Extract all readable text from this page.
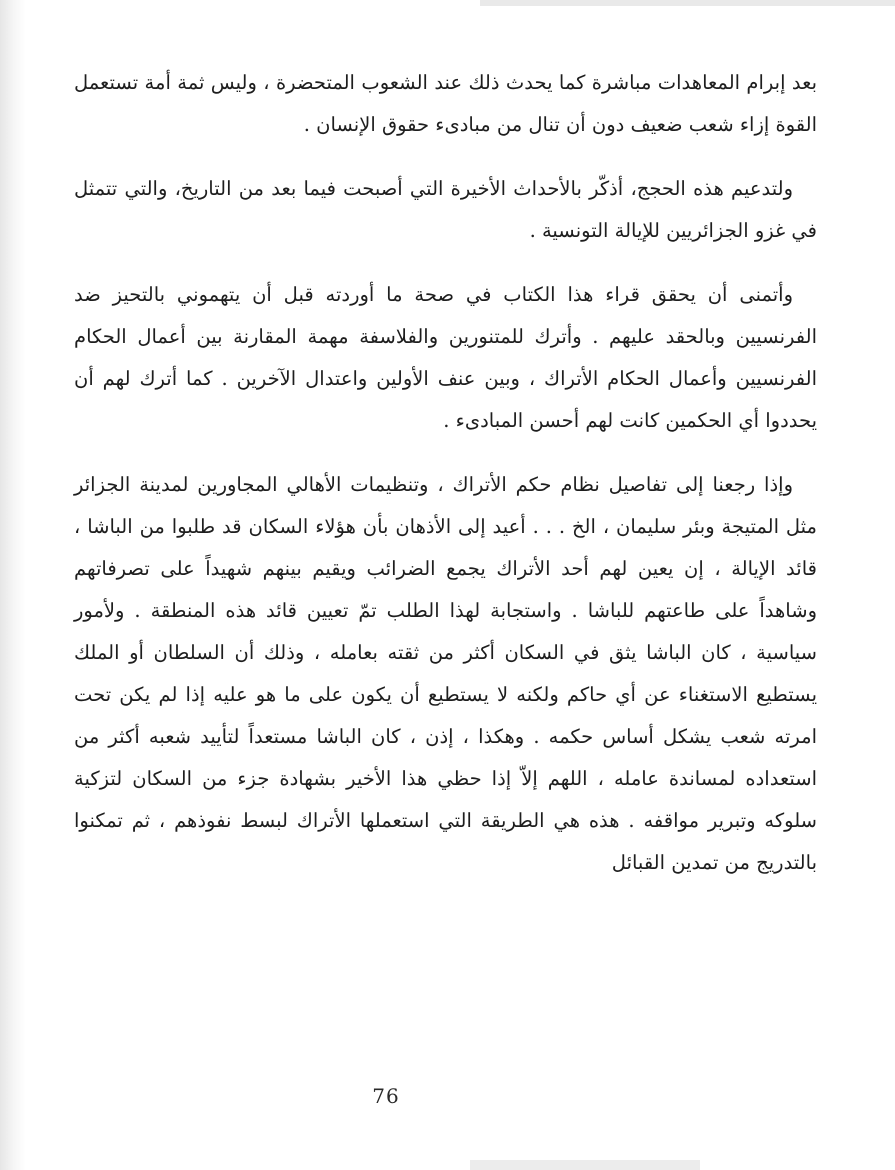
بعد إبرام المعاهدات مباشرة كما يحدث ذلك عند الشعوب المتحضرة ، وليس ثمة أمة تستعمل القوة إزاء شعب ضعيف دون أن تنال من مبادىء حقوق الإنسان .

ولتدعيم هذه الحجج، أذكّر بالأحداث الأخيرة التي أصبحت فيما بعد من التاريخ، والتي تتمثل في غزو الجزائريين للإيالة التونسية .

وأتمنى أن يحقق قراء هذا الكتاب في صحة ما أوردته قبل أن يتهموني بالتحيز ضد الفرنسيين وبالحقد عليهم . وأترك للمتنورين والفلاسفة مهمة المقارنة بين أعمال الحكام الفرنسيين وأعمال الحكام الأتراك ، وبين عنف الأولين واعتدال الآخرين . كما أترك لهم أن يحددوا أي الحكمين كانت لهم أحسن المبادىء .

وإذا رجعنا إلى تفاصيل نظام حكم الأتراك ، وتنظيمات الأهالي المجاورين لمدينة الجزائر مثل المتيجة وبئر سليمان ، الخ . . . أعيد إلى الأذهان بأن هؤلاء السكان قد طلبوا من الباشا ، قائد الإيالة ، إن يعين لهم أحد الأتراك يجمع الضرائب ويقيم بينهم شهيداً على تصرفاتهم وشاهداً على طاعتهم للباشا . واستجابة لهذا الطلب تمّ تعيين قائد هذه المنطقة . ولأمور سياسية ، كان الباشا يثق في السكان أكثر من ثقته بعامله ، وذلك أن السلطان أو الملك يستطيع الاستغناء عن أي حاكم ولكنه لا يستطيع أن يكون على ما هو عليه إذا لم يكن تحت امرته شعب يشكل أساس حكمه . وهكذا ، إذن ، كان الباشا مستعداً لتأييد شعبه أكثر من استعداده لمساندة عامله ، اللهم إلاّ إذا حظي هذا الأخير بشهادة جزء من السكان لتزكية سلوكه وتبرير مواقفه . هذه هي الطريقة التي استعملها الأتراك لبسط نفوذهم ، ثم تمكنوا بالتدريج من تمدين القبائل

76
